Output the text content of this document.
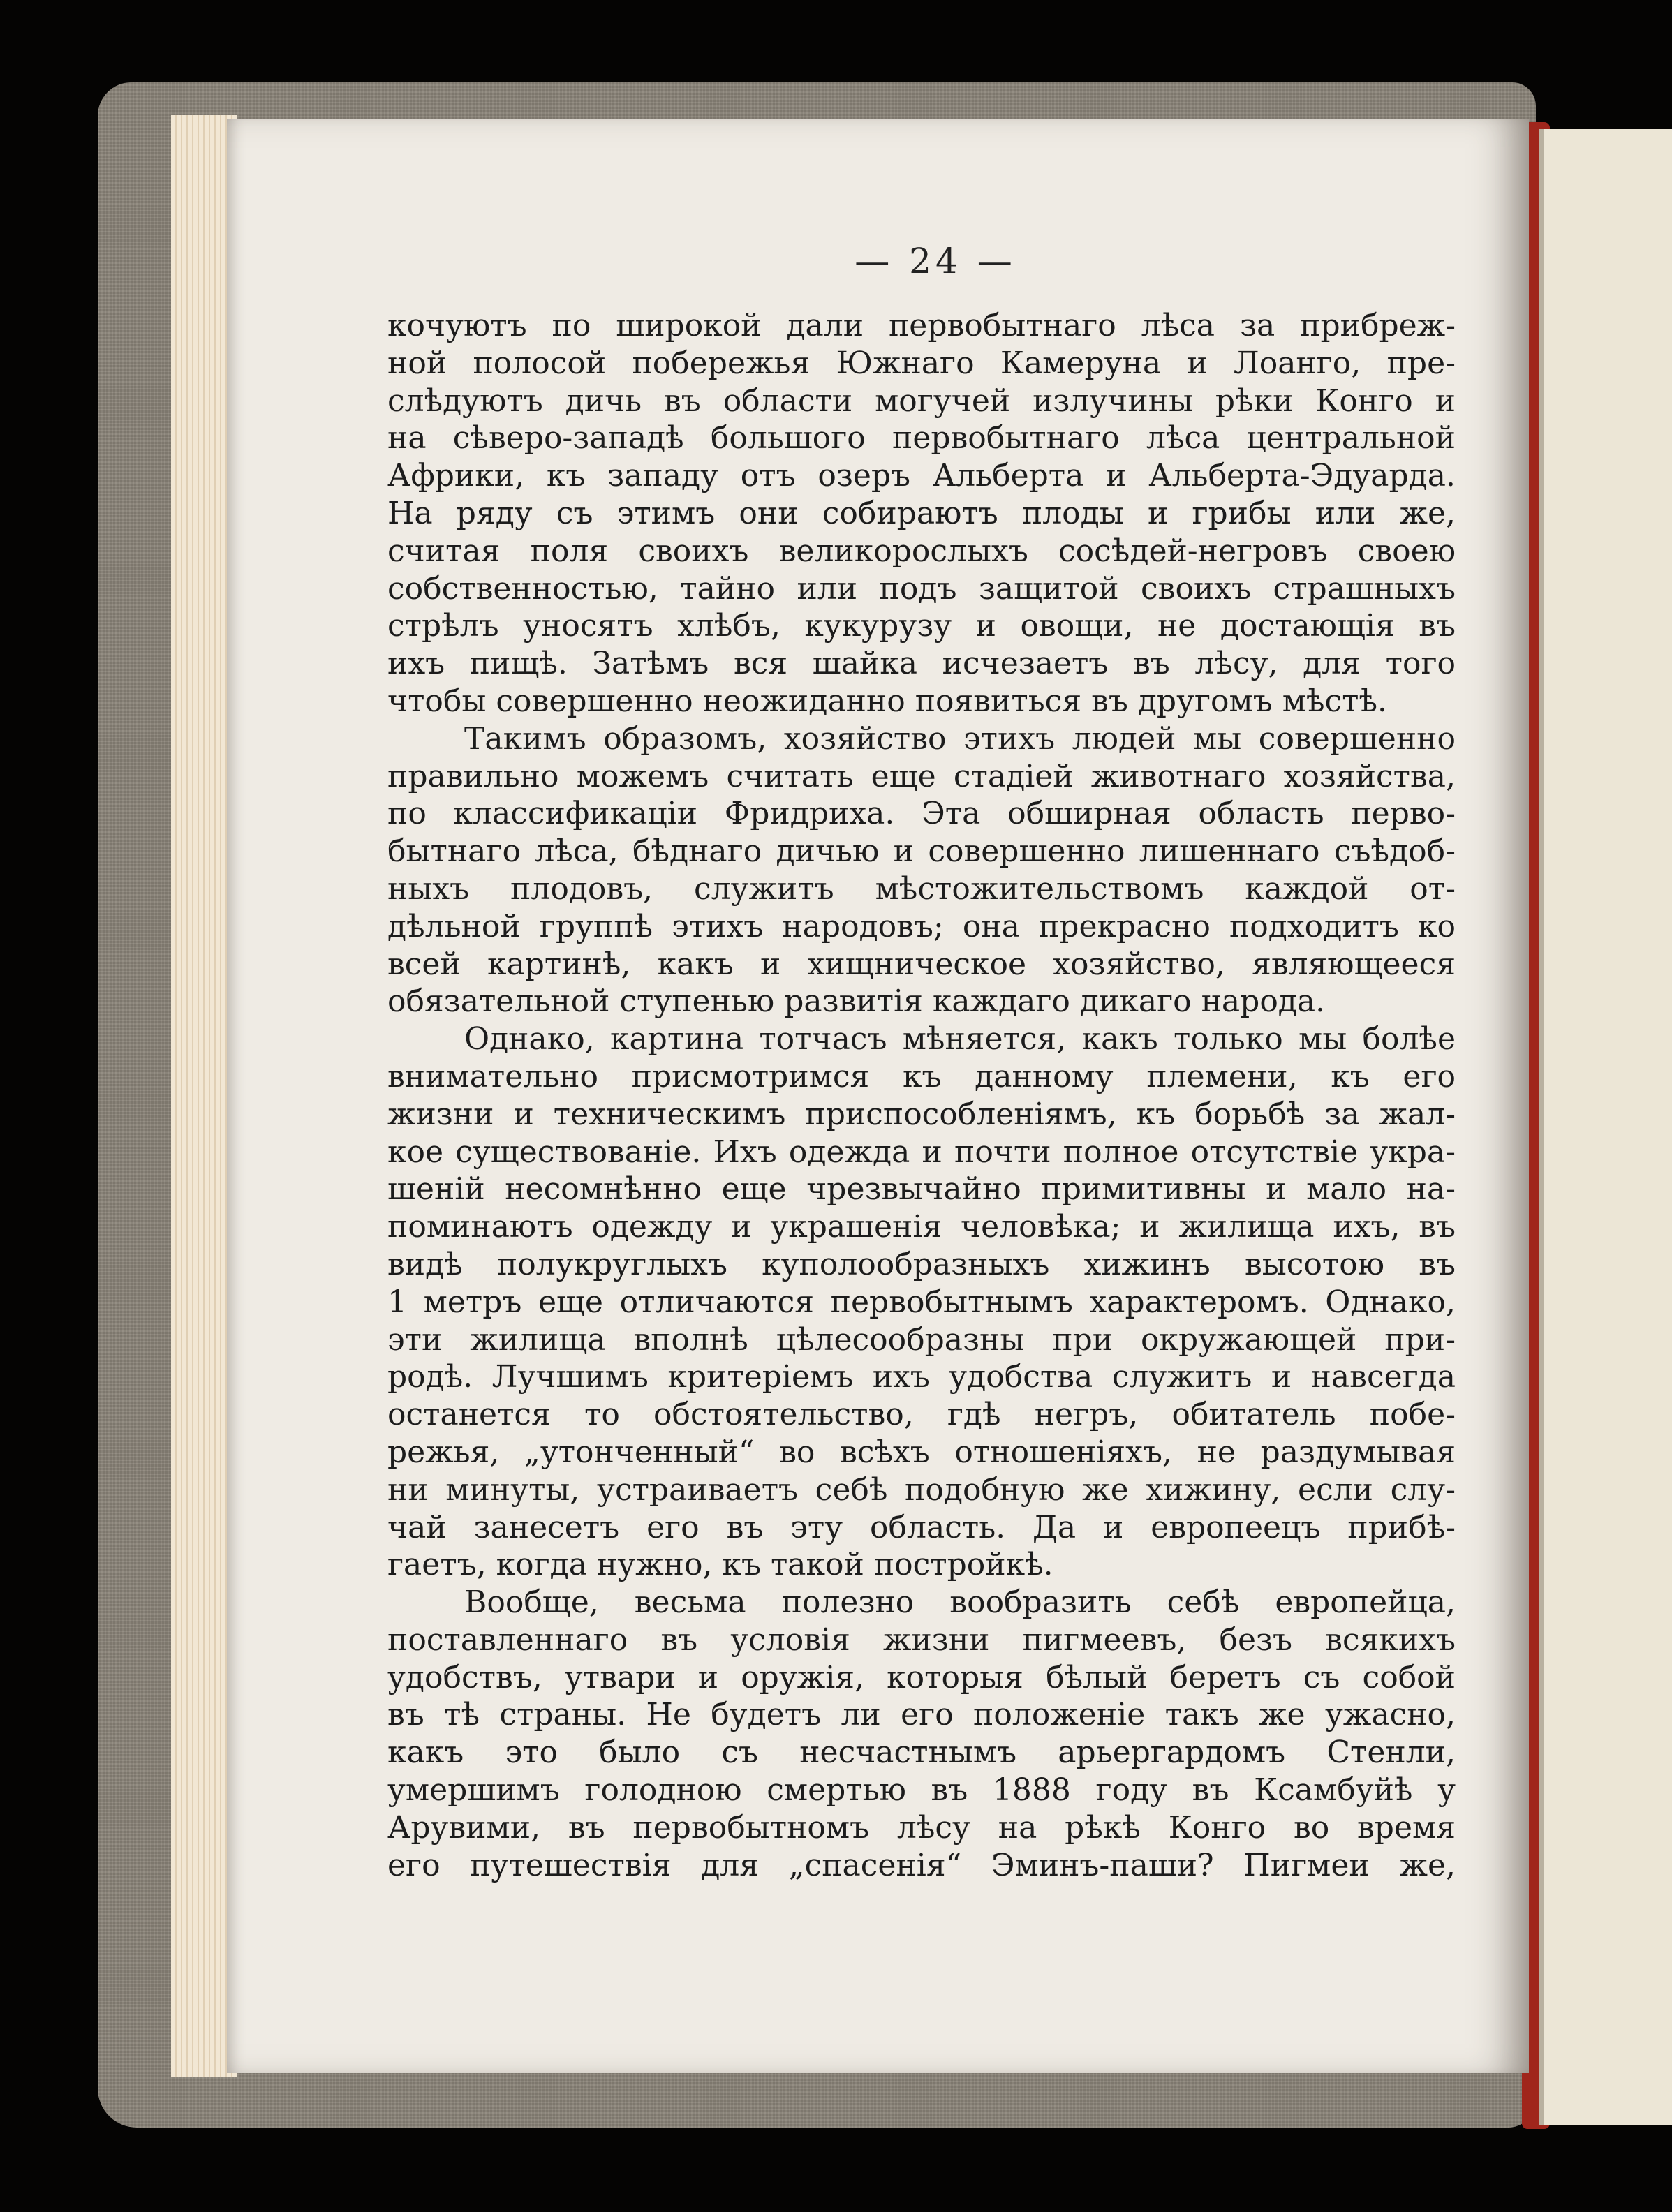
— 24 —
кочуютъ по широкой дали первобытнаго лѣса за прибреж-
ной полосой побережья Южнаго Камеруна и Лоанго, пре-
слѣдуютъ дичь въ области могучей излучины рѣки Конго и
на сѣверо-западѣ большого первобытнаго лѣса центральной
Африки, къ западу отъ озеръ Альберта и Альберта-Эдуарда.
На ряду съ этимъ они собираютъ плоды и грибы или же,
считая поля своихъ великорослыхъ сосѣдей-негровъ своею
собственностью, тайно или подъ защитой своихъ страшныхъ
стрѣлъ уносятъ хлѣбъ, кукурузу и овощи, не достающія въ
ихъ пищѣ. Затѣмъ вся шайка исчезаетъ въ лѣсу, для того
чтобы совершенно неожиданно появиться въ другомъ мѣстѣ.
Такимъ образомъ, хозяйство этихъ людей мы совершенно
правильно можемъ считать еще стадіей животнаго хозяйства,
по классификаціи Фридриха. Эта обширная область перво-
бытнаго лѣса, бѣднаго дичью и совершенно лишеннаго съѣдоб-
ныхъ плодовъ, служитъ мѣстожительствомъ каждой от-
дѣльной группѣ этихъ народовъ; она прекрасно подходитъ ко
всей картинѣ, какъ и хищническое хозяйство, являющееся
обязательной ступенью развитія каждаго дикаго народа.
Однако, картина тотчасъ мѣняется, какъ только мы болѣе
внимательно присмотримся къ данному племени, къ его
жизни и техническимъ приспособленіямъ, къ борьбѣ за жал-
кое существованіе. Ихъ одежда и почти полное отсутствіе укра-
шеній несомнѣнно еще чрезвычайно примитивны и мало на-
поминаютъ одежду и украшенія человѣка; и жилища ихъ, въ
видѣ полукруглыхъ куполообразныхъ хижинъ высотою въ
1 метръ еще отличаются первобытнымъ характеромъ. Однако,
эти жилища вполнѣ цѣлесообразны при окружающей при-
родѣ. Лучшимъ критеріемъ ихъ удобства служитъ и навсегда
останется то обстоятельство, гдѣ негръ, обитатель побе-
режья, „утонченный“ во всѣхъ отношеніяхъ, не раздумывая
ни минуты, устраиваетъ себѣ подобную же хижину, если слу-
чай занесетъ его въ эту область. Да и европеецъ прибѣ-
гаетъ, когда нужно, къ такой постройкѣ.
Вообще, весьма полезно вообразить себѣ европейца,
поставленнаго въ условія жизни пигмеевъ, безъ всякихъ
удобствъ, утвари и оружія, которыя бѣлый беретъ съ собой
въ тѣ страны. Не будетъ ли его положеніе такъ же ужасно,
какъ это было съ несчастнымъ арьергардомъ Стенли,
умершимъ голодною смертью въ 1888 году въ Ксамбуйѣ у
Арувими, въ первобытномъ лѣсу на рѣкѣ Конго во время
его путешествія для „спасенія“ Эминъ-паши? Пигмеи же,
